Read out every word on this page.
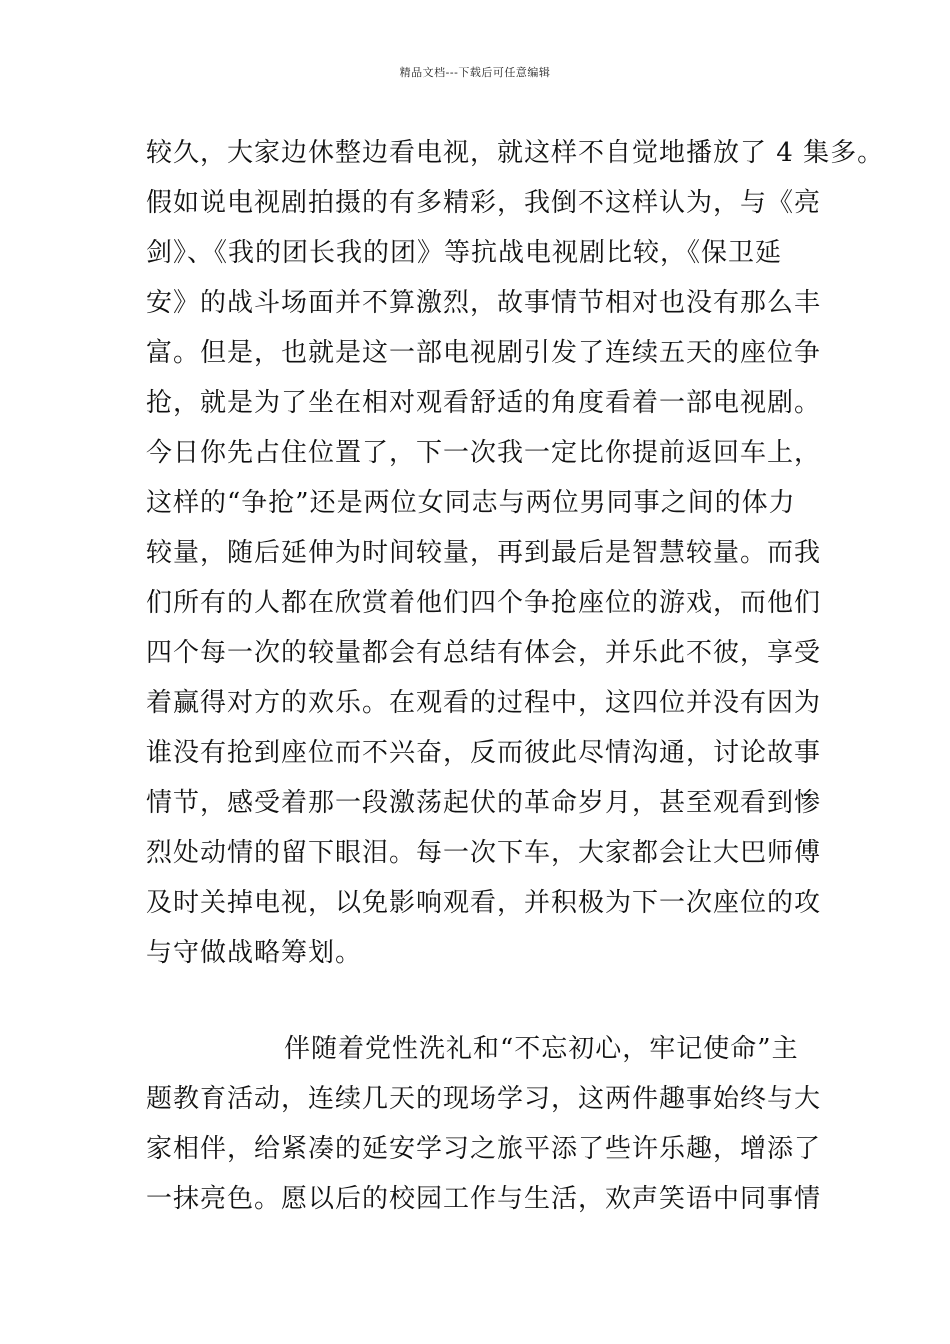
精品文档---下载后可任意编辑
较久，大家边休整边看电视，就这样不自觉地播放了 4 集多。
假如说电视剧拍摄的有多精彩，我倒不这样认为，与《亮
剑》、《我的团长我的团》等抗战电视剧比较，《保卫延
安》的战斗场面并不算激烈，故事情节相对也没有那么丰
富。但是，也就是这一部电视剧引发了连续五天的座位争
抢，就是为了坐在相对观看舒适的角度看着一部电视剧。
今日你先占住位置了，下一次我一定比你提前返回车上，
这样的“争抢”还是两位女同志与两位男同事之间的体力
较量，随后延伸为时间较量，再到最后是智慧较量。而我
们所有的人都在欣赏着他们四个争抢座位的游戏，而他们
四个每一次的较量都会有总结有体会，并乐此不彼，享受
着赢得对方的欢乐。在观看的过程中，这四位并没有因为
谁没有抢到座位而不兴奋，反而彼此尽情沟通，讨论故事
情节，感受着那一段激荡起伏的革命岁月，甚至观看到惨
烈处动情的留下眼泪。每一次下车，大家都会让大巴师傅
及时关掉电视，以免影响观看，并积极为下一次座位的攻
与守做战略筹划。
伴随着党性洗礼和“不忘初心，牢记使命”主
题教育活动，连续几天的现场学习，这两件趣事始终与大
家相伴，给紧凑的延安学习之旅平添了些许乐趣，增添了
一抹亮色。愿以后的校园工作与生活，欢声笑语中同事情
